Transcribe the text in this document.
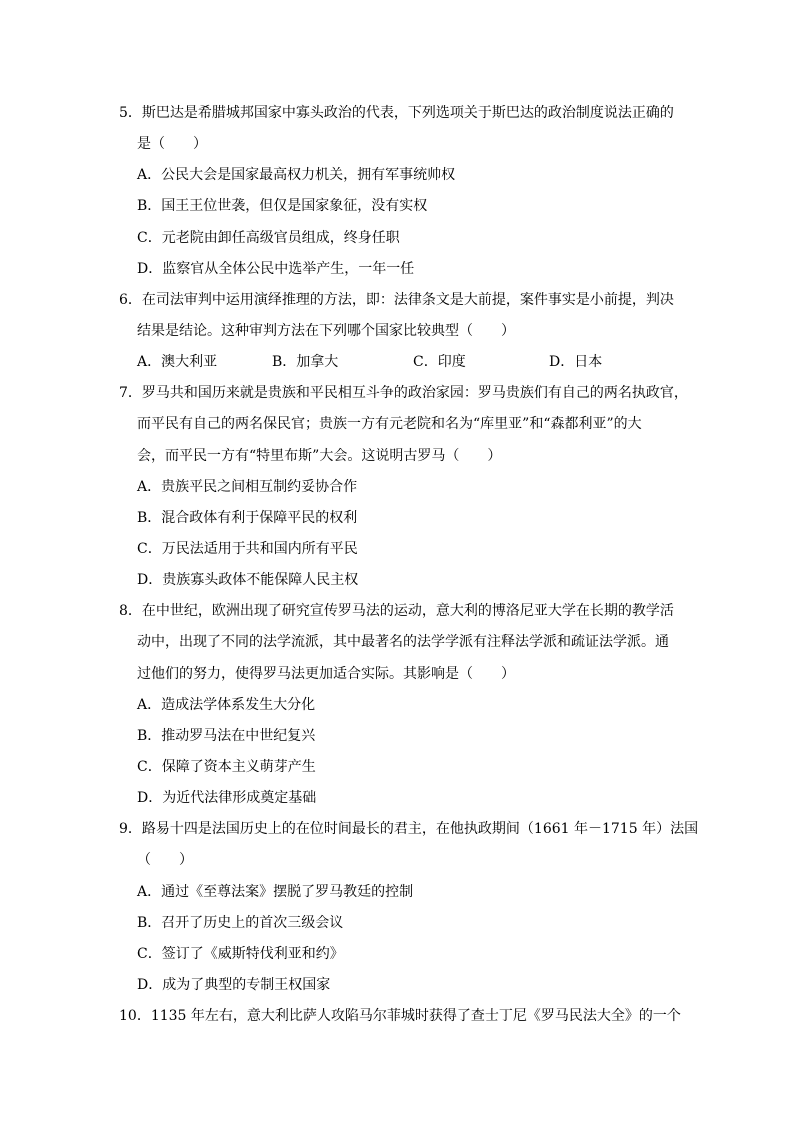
5．斯巴达是希腊城邦国家中寡头政治的代表，下列选项关于斯巴达的政治制度说法正确的
是（　　）
A．公民大会是国家最高权力机关，拥有军事统帅权
B．国王王位世袭，但仅是国家象征，没有实权
C．元老院由卸任高级官员组成，终身任职
D．监察官从全体公民中选举产生，一年一任
6．在司法审判中运用演绎推理的方法，即：法律条文是大前提，案件事实是小前提，判决
结果是结论。这种审判方法在下列哪个国家比较典型（　　）
A．澳大利亚	B．加拿大	C．印度	D．日本
7．罗马共和国历来就是贵族和平民相互斗争的政治家园：罗马贵族们有自己的两名执政官，
而平民有自己的两名保民官；贵族一方有元老院和名为“库里亚”和“森都利亚”的大
会，而平民一方有“特里布斯”大会。这说明古罗马（　　）
A．贵族平民之间相互制约妥协合作
B．混合政体有利于保障平民的权利
C．万民法适用于共和国内所有平民
D．贵族寡头政体不能保障人民主权
8．在中世纪，欧洲出现了研究宣传罗马法的运动，意大利的博洛尼亚大学在长期的教学活
动中，出现了不同的法学流派，其中最著名的法学学派有注释法学派和疏证法学派。通
过他们的努力，使得罗马法更加适合实际。其影响是（　　）
A．造成法学体系发生大分化
B．推动罗马法在中世纪复兴
C．保障了资本主义萌芽产生
D．为近代法律形成奠定基础
9．路易十四是法国历史上的在位时间最长的君主，在他执政期间（1661 年－1715 年）法国
（　　）
A．通过《至尊法案》摆脱了罗马教廷的控制
B．召开了历史上的首次三级会议
C．签订了《威斯特伐利亚和约》
D．成为了典型的专制王权国家
10．1135 年左右，意大利比萨人攻陷马尔菲城时获得了查士丁尼《罗马民法大全》的一个
